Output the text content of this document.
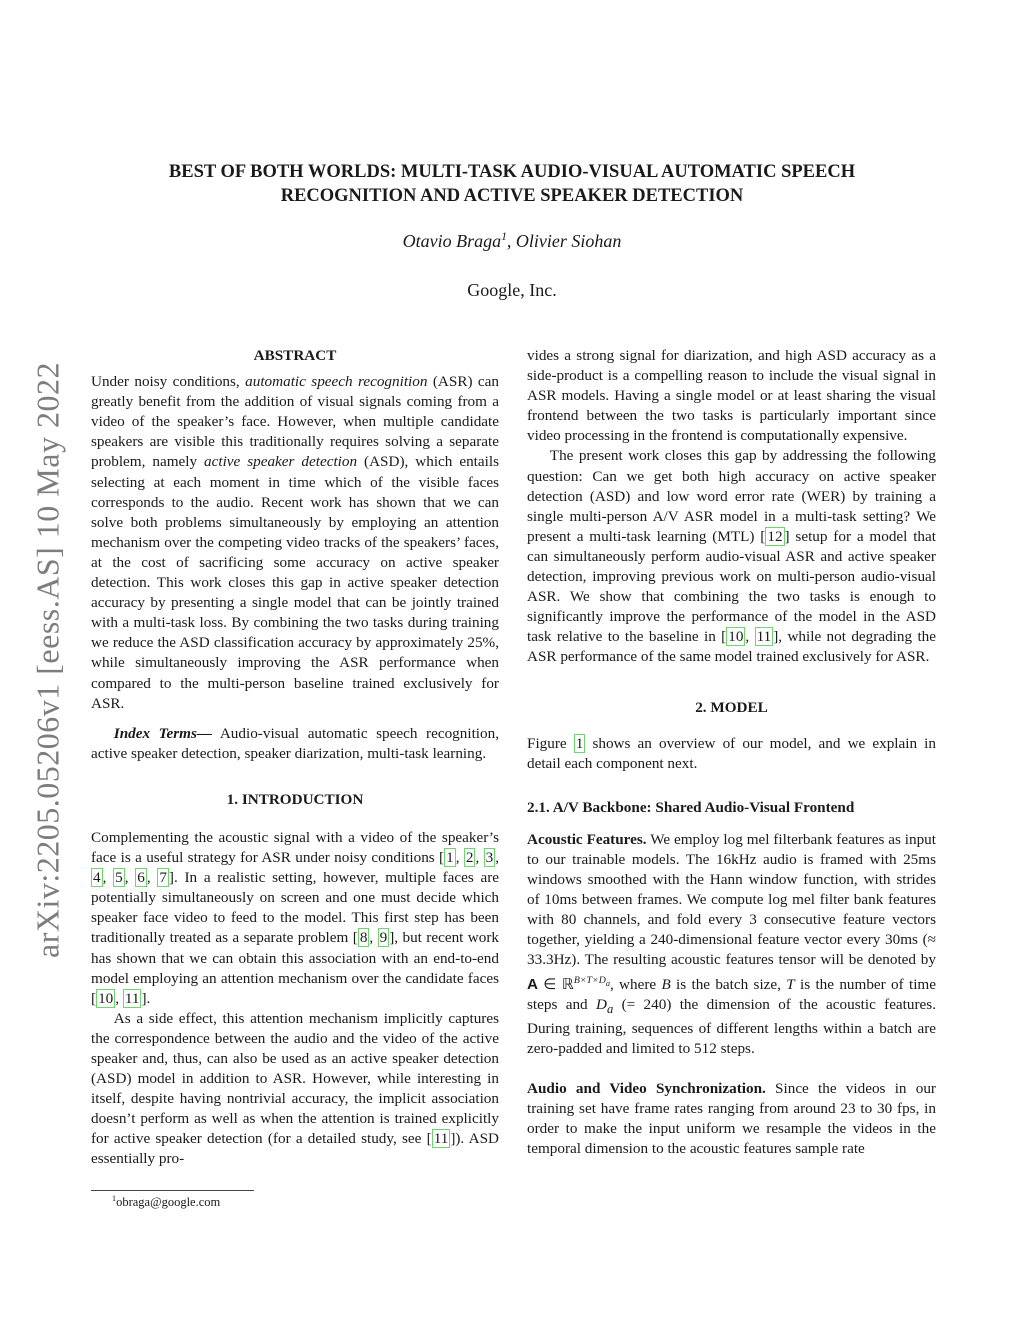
arXiv:2205.05206v1 [eess.AS] 10 May 2022
BEST OF BOTH WORLDS: MULTI-TASK AUDIO-VISUAL AUTOMATIC SPEECH
RECOGNITION AND ACTIVE SPEAKER DETECTION
Otavio Braga$^1$, Olivier Siohan
Google, Inc.

ABSTRACT

Under noisy conditions, automatic speech recognition (ASR) can greatly benefit from the addition of visual signals coming from a video of the speaker’s face. However, when multiple candidate speakers are visible this traditionally requires solving a separate problem, namely active speaker detection (ASD), which entails selecting at each moment in time which of the visible faces corresponds to the audio. Recent work has shown that we can solve both problems simultaneously by employing an attention mechanism over the competing video tracks of the speakers’ faces, at the cost of sacrificing some accuracy on active speaker detection. This work closes this gap in active speaker detection accuracy by presenting a single model that can be jointly trained with a multi-task loss. By combining the two tasks during training we reduce the ASD classification accuracy by approximately 25%, while simultaneously improving the ASR performance when compared to the multi-person baseline trained exclusively for ASR.

Index Terms— Audio-visual automatic speech recognition, active speaker detection, speaker diarization, multi-task learning.

1. INTRODUCTION

Complementing the acoustic signal with a video of the speaker’s face is a useful strategy for ASR under noisy conditions [ 1 , 2 , 3 , 4 , 5 , 6 , 7 ]. In a realistic setting, however, multiple faces are potentially simultaneously on screen and one must decide which speaker face video to feed to the model. This first step has been traditionally treated as a separate problem [ 8 , 9 ], but recent work has shown that we can obtain this association with an end-to-end model employing an attention mechanism over the candidate faces [ 10 , 11 ].

As a side effect, this attention mechanism implicitly captures the correspondence between the audio and the video of the active speaker and, thus, can also be used as an active speaker detection (ASD) model in addition to ASR. However, while interesting in itself, despite having nontrivial accuracy, the implicit association doesn’t perform as well as when the attention is trained explicitly for active speaker detection (for a detailed study, see [ 11 ]). ASD essentially pro-

$^1$obraga@google.com

vides a strong signal for diarization, and high ASD accuracy as a side-product is a compelling reason to include the visual signal in ASR models. Having a single model or at least sharing the visual frontend between the two tasks is particularly important since video processing in the frontend is computationally expensive.

The present work closes this gap by addressing the following question: Can we get both high accuracy on active speaker detection (ASD) and low word error rate (WER) by training a single multi-person A/V ASR model in a multi-task setting? We present a multi-task learning (MTL) [ 12 ] setup for a model that can simultaneously perform audio-visual ASR and active speaker detection, improving previous work on multi-person audio-visual ASR. We show that combining the two tasks is enough to significantly improve the performance of the model in the ASD task relative to the baseline in [ 10 , 11 ], while not degrading the ASR performance of the same model trained exclusively for ASR.

2. MODEL

Figure 1 shows an overview of our model, and we explain in detail each component next.

2.1. A/V Backbone: Shared Audio-Visual Frontend

Acoustic Features. We employ log mel filterbank features as input to our trainable models. The 16kHz audio is framed with 25ms windows smoothed with the Hann window function, with strides of 10ms between frames. We compute log mel filter bank features with 80 channels, and fold every 3 consecutive feature vectors together, yielding a 240-dimensional feature vector every 30ms (≈ 33.3Hz). The resulting acoustic features tensor will be denoted by A ∈ ℝ$^{B\times T\times D_a}$, where B is the batch size, T is the number of time steps and $D_a$ (= 240) the dimension of the acoustic features. During training, sequences of different lengths within a batch are zero-padded and limited to 512 steps.

Audio and Video Synchronization. Since the videos in our training set have frame rates ranging from around 23 to 30 fps, in order to make the input uniform we resample the videos in the temporal dimension to the acoustic features sample rate
